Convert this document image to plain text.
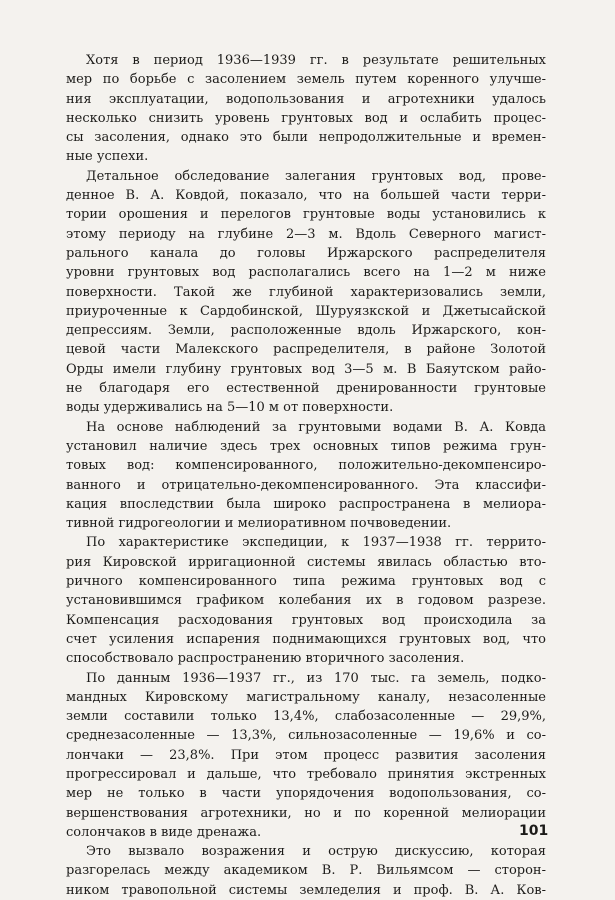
Хотя в период 1936—1939 гг. в результате решительных
мер по борьбе с засолением земель путем коренного улучше-
ния эксплуатации, водопользования и агротехники удалось
несколько снизить уровень грунтовых вод и ослабить процес-
сы засоления, однако это были непродолжительные и времен-
ные успехи.
Детальное обследование залегания грунтовых вод, прове-
денное В. А. Ковдой, показало, что на большей части терри-
тории орошения и перелогов грунтовые воды установились к
этому периоду на глубине 2—3 м. Вдоль Северного магист-
рального канала до головы Иржарского распределителя
уровни грунтовых вод располагались всего на 1—2 м ниже
поверхности. Такой же глубиной характеризовались земли,
приуроченные к Сардобинской, Шуруязкской и Джетысайской
депрессиям. Земли, расположенные вдоль Иржарского, кон-
цевой части Малекского распределителя, в районе Золотой
Орды имели глубину грунтовых вод 3—5 м. В Баяутском райо-
не благодаря его естественной дренированности грунтовые
воды удерживались на 5—10 м от поверхности.
На основе наблюдений за грунтовыми водами В. А. Ковда
установил наличие здесь трех основных типов режима грун-
товых вод: компенсированного, положительно-декомпенсиро-
ванного и отрицательно-декомпенсированного. Эта классифи-
кация впоследствии была широко распространена в мелиора-
тивной гидрогеологии и мелиоративном почвоведении.
По характеристике экспедиции, к 1937—1938 гг. террито-
рия Кировской ирригационной системы явилась областью вто-
ричного компенсированного типа режима грунтовых вод с
установившимся графиком колебания их в годовом разрезе.
Компенсация расходования грунтовых вод происходила за
счет усиления испарения поднимающихся грунтовых вод, что
способствовало распространению вторичного засоления.
По данным 1936—1937 гг., из 170 тыс. га земель, подко-
мандных Кировскому магистральному каналу, незасоленные
земли составили только 13,4%, слабозасоленные — 29,9%,
среднезасоленные — 13,3%, сильнозасоленные — 19,6% и со-
лончаки — 23,8%. При этом процесс развития засоления
прогрессировал и дальше, что требовало принятия экстренных
мер не только в части упорядочения водопользования, со-
вершенствования агротехники, но и по коренной мелиорации
солончаков в виде дренажа.
Это вызвало возражения и острую дискуссию, которая
разгорелась между академиком В. Р. Вильямсом — сторон-
ником травопольной системы земледелия и проф. В. А. Ков-
101
